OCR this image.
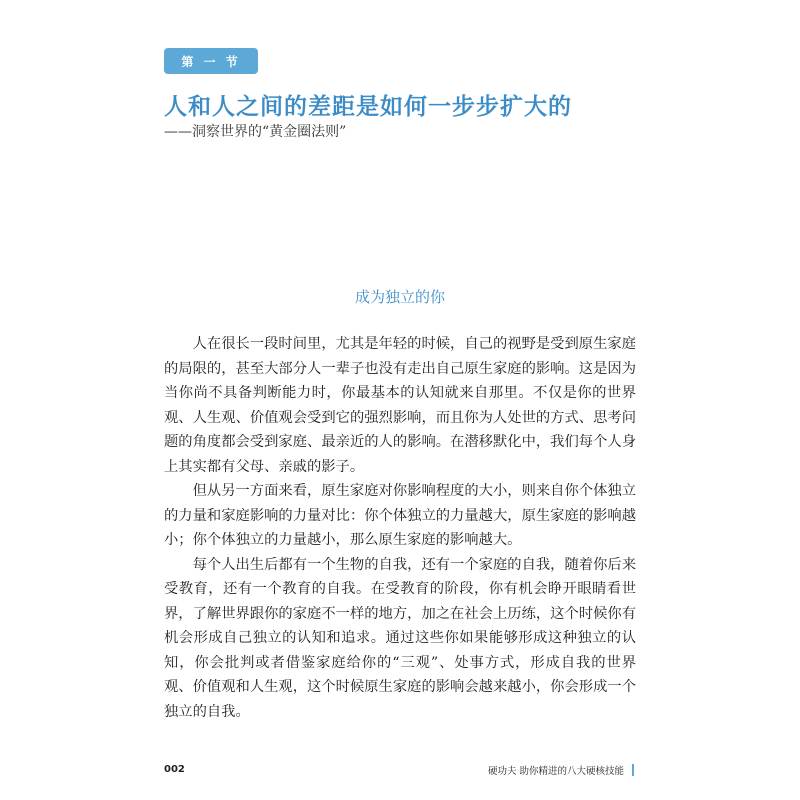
第 一 节
人和人之间的差距是如何一步步扩大的
——洞察世界的“黄金圈法则”
成为独立的你

人在很长一段时间里，尤其是年轻的时候，自己的视野是受到原生家庭的局限的，甚至大部分人一辈子也没有走出自己原生家庭的影响。这是因为当你尚不具备判断能力时，你最基本的认知就来自那里。不仅是你的世界观、人生观、价值观会受到它的强烈影响，而且你为人处世的方式、思考问题的角度都会受到家庭、最亲近的人的影响。在潜移默化中，我们每个人身上其实都有父母、亲戚的影子。

但从另一方面来看，原生家庭对你影响程度的大小，则来自你个体独立的力量和家庭影响的力量对比：你个体独立的力量越大，原生家庭的影响越小；你个体独立的力量越小，那么原生家庭的影响越大。

每个人出生后都有一个生物的自我，还有一个家庭的自我，随着你后来受教育，还有一个教育的自我。在受教育的阶段，你有机会睁开眼睛看世界，了解世界跟你的家庭不一样的地方，加之在社会上历练，这个时候你有机会形成自己独立的认知和追求。通过这些你如果能够形成这种独立的认知，你会批判或者借鉴家庭给你的“三观”、处事方式，形成自我的世界观、价值观和人生观，这个时候原生家庭的影响会越来越小，你会形成一个独立的自我。

002	硬功夫 助你精进的八大硬核技能
